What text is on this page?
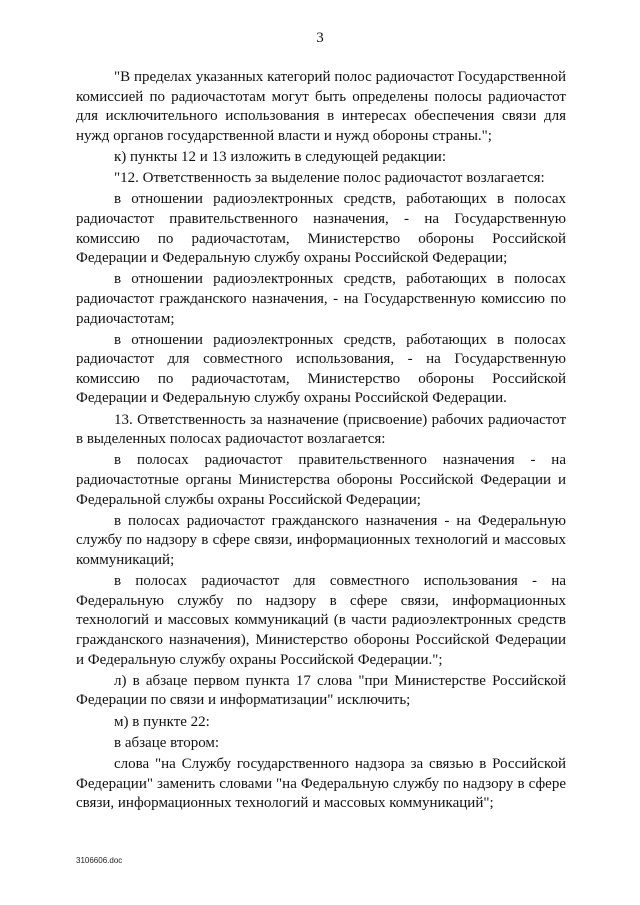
3

"В пределах указанных категорий полос радиочастот Государственной комиссией по радиочастотам могут быть определены полосы радиочастот для исключительного использования в интересах обеспечения связи для нужд органов государственной власти и нужд обороны страны.";

к) пункты 12 и 13 изложить в следующей редакции:

"12. Ответственность за выделение полос радиочастот возлагается:

в отношении радиоэлектронных средств, работающих в полосах радиочастот правительственного назначения, - на Государственную комиссию по радиочастотам, Министерство обороны Российской Федерации и Федеральную службу охраны Российской Федерации;

в отношении радиоэлектронных средств, работающих в полосах радиочастот гражданского назначения, - на Государственную комиссию по радиочастотам;

в отношении радиоэлектронных средств, работающих в полосах радиочастот для совместного использования, - на Государственную комиссию по радиочастотам, Министерство обороны Российской Федерации и Федеральную службу охраны Российской Федерации.

13. Ответственность за назначение (присвоение) рабочих радиочастот в выделенных полосах радиочастот возлагается:

в полосах радиочастот правительственного назначения - на радиочастотные органы Министерства обороны Российской Федерации и Федеральной службы охраны Российской Федерации;

в полосах радиочастот гражданского назначения - на Федеральную службу по надзору в сфере связи, информационных технологий и массовых коммуникаций;

в полосах радиочастот для совместного использования - на Федеральную службу по надзору в сфере связи, информационных технологий и массовых коммуникаций (в части радиоэлектронных средств гражданского назначения), Министерство обороны Российской Федерации и Федеральную службу охраны Российской Федерации.";

л) в абзаце первом пункта 17 слова "при Министерстве Российской Федерации по связи и информатизации" исключить;

м) в пункте 22:

в абзаце втором:

слова "на Службу государственного надзора за связью в Российской Федерации" заменить словами "на Федеральную службу по надзору в сфере связи, информационных технологий и массовых коммуникаций";

3106606.doc
